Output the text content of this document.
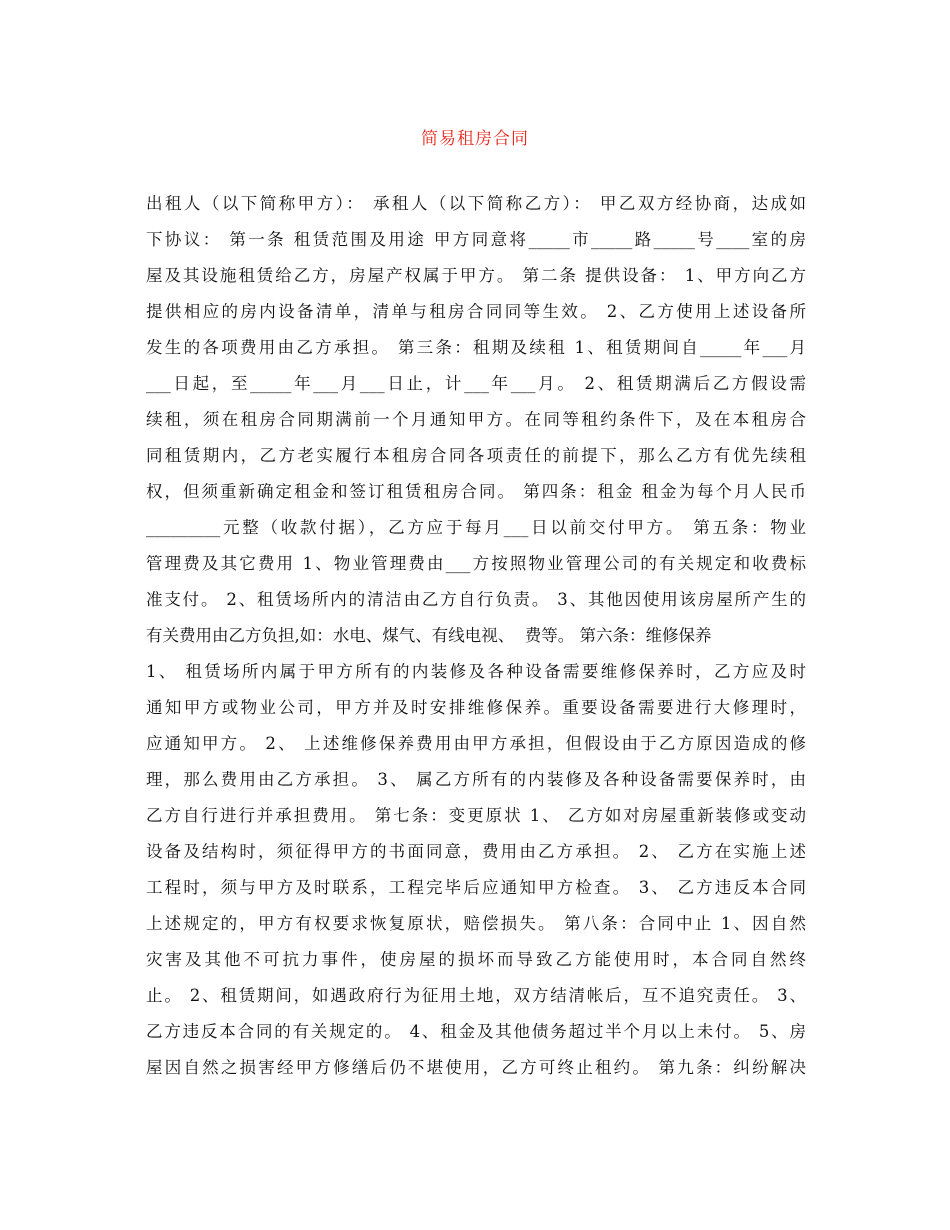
简易租房合同
出租人（以下简称甲方）： 承租人（以下简称乙方）： 甲乙双方经协商，达成如
下协议： 第一条 租赁范围及用途 甲方同意将_____市_____路_____号____室的房
屋及其设施租赁给乙方，房屋产权属于甲方。 第二条 提供设备： 1、甲方向乙方
提供相应的房内设备清单，清单与租房合同同等生效。 2、乙方使用上述设备所
发生的各项费用由乙方承担。 第三条：租期及续租 1、租赁期间自_____年___月
___日起，至_____年___月___日止，计___年___月。 2、租赁期满后乙方假设需
续租，须在租房合同期满前一个月通知甲方。在同等租约条件下，及在本租房合
同租赁期内，乙方老实履行本租房合同各项责任的前提下，那么乙方有优先续租
权，但须重新确定租金和签订租赁租房合同。 第四条：租金 租金为每个月人民币
_________元整（收款付据），乙方应于每月___日以前交付甲方。 第五条：物业
管理费及其它费用 1、物业管理费由___方按照物业管理公司的有关规定和收费标
准支付。 2、租赁场所内的清洁由乙方自行负责。 3、其他因使用该房屋所产生的
有关费用由乙方负担,如：水电、煤气、有线电视、  费等。 第六条：维修保养
1、 租赁场所内属于甲方所有的内装修及各种设备需要维修保养时，乙方应及时
通知甲方或物业公司，甲方并及时安排维修保养。重要设备需要进行大修理时，
应通知甲方。 2、 上述维修保养费用由甲方承担，但假设由于乙方原因造成的修
理，那么费用由乙方承担。 3、 属乙方所有的内装修及各种设备需要保养时，由
乙方自行进行并承担费用。 第七条：变更原状 1、 乙方如对房屋重新装修或变动
设备及结构时，须征得甲方的书面同意，费用由乙方承担。 2、 乙方在实施上述
工程时，须与甲方及时联系，工程完毕后应通知甲方检查。 3、 乙方违反本合同
上述规定的，甲方有权要求恢复原状，赔偿损失。 第八条：合同中止 1、因自然
灾害及其他不可抗力事件，使房屋的损坏而导致乙方能使用时，本合同自然终
止。 2、租赁期间，如遇政府行为征用土地，双方结清帐后，互不追究责任。 3、
乙方违反本合同的有关规定的。 4、租金及其他债务超过半个月以上未付。 5、房
屋因自然之损害经甲方修缮后仍不堪使用，乙方可终止租约。 第九条：纠纷解决
